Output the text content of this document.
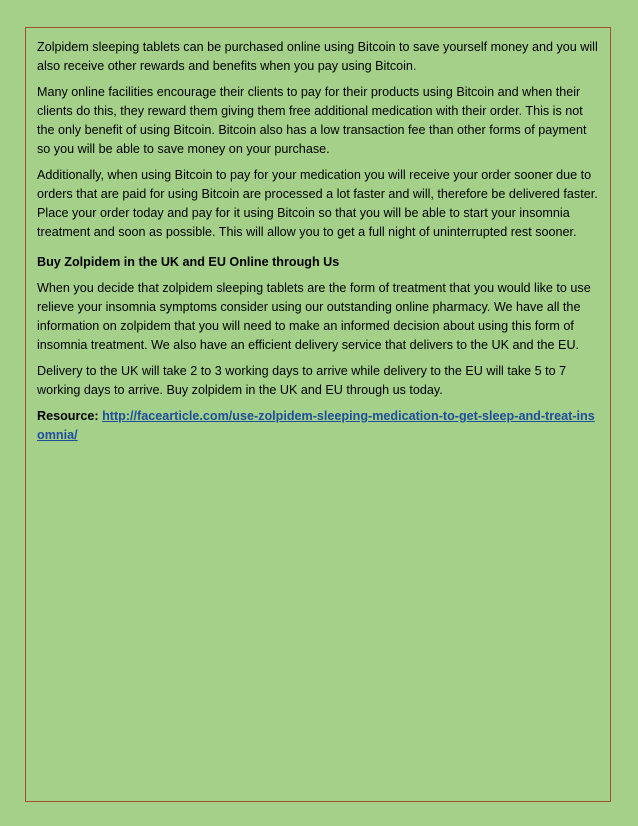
Zolpidem sleeping tablets can be purchased online using Bitcoin to save yourself money and you will also receive other rewards and benefits when you pay using Bitcoin.

Many online facilities encourage their clients to pay for their products using Bitcoin and when their clients do this, they reward them giving them free additional medication with their order. This is not the only benefit of using Bitcoin. Bitcoin also has a low transaction fee than other forms of payment so you will be able to save money on your purchase.

Additionally, when using Bitcoin to pay for your medication you will receive your order sooner due to orders that are paid for using Bitcoin are processed a lot faster and will, therefore be delivered faster. Place your order today and pay for it using Bitcoin so that you will be able to start your insomnia treatment and soon as possible. This will allow you to get a full night of uninterrupted rest sooner.

Buy Zolpidem in the UK and EU Online through Us

When you decide that zolpidem sleeping tablets are the form of treatment that you would like to use relieve your insomnia symptoms consider using our outstanding online pharmacy. We have all the information on zolpidem that you will need to make an informed decision about using this form of insomnia treatment. We also have an efficient delivery service that delivers to the UK and the EU.

Delivery to the UK will take 2 to 3 working days to arrive while delivery to the EU will take 5 to 7 working days to arrive. Buy zolpidem in the UK and EU through us today.

Resource: http://facearticle.com/use-zolpidem-sleeping-medication-to-get-sleep-and-treat-insomnia/
